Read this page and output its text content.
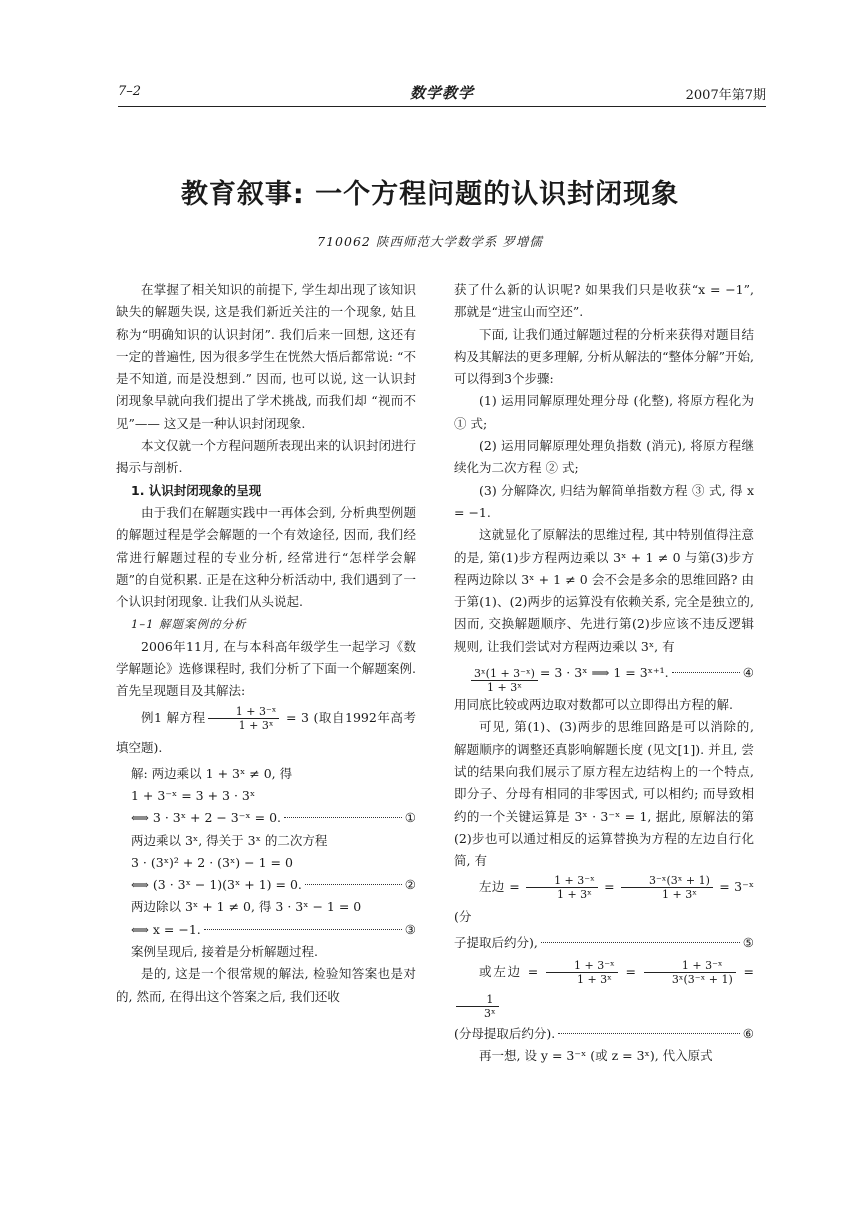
7–2	数学教学	2007年第7期
教育叙事: 一个方程问题的认识封闭现象
710062 陕西师范大学数学系 罗增儒

在掌握了相关知识的前提下, 学生却出现了该知识缺失的解题失误, 这是我们新近关注的一个现象, 姑且称为“明确知识的认识封闭”. 我们后来一回想, 这还有一定的普遍性, 因为很多学生在恍然大悟后都常说: “不是不知道, 而是没想到.” 因而, 也可以说, 这一认识封闭现象早就向我们提出了学术挑战, 而我们却 “视而不见”—— 这又是一种认识封闭现象.

本文仅就一个方程问题所表现出来的认识封闭进行揭示与剖析.

1. 认识封闭现象的呈现

由于我们在解题实践中一再体会到, 分析典型例题的解题过程是学会解题的一个有效途径, 因而, 我们经常进行解题过程的专业分析, 经常进行“怎样学会解题”的自觉积累. 正是在这种分析活动中, 我们遇到了一个认识封闭现象. 让我们从头说起.

1–1 解题案例的分析

2006年11月, 在与本科高年级学生一起学习《数学解题论》选修课程时, 我们分析了下面一个解题案例. 首先呈现题目及其解法:

例1 解方程 $\frac{\text{1 + 3⁻ˣ}}{\text{1 + 3ˣ}} = 3$ (取自1992年高考填空题).

解: 两边乘以 1 + 3ˣ ≠ 0, 得

1 + 3⁻ˣ = 3 + 3 · 3ˣ

⟺ 3 · 3ˣ + 2 − 3⁻ˣ = 0.	①

两边乘以 3ˣ, 得关于 3ˣ 的二次方程

3 · (3ˣ)² + 2 · (3ˣ) − 1 = 0

⟺ (3 · 3ˣ − 1)(3ˣ + 1) = 0.	②

两边除以 3ˣ + 1 ≠ 0, 得 3 · 3ˣ − 1 = 0

⟺ x = −1.	③

案例呈现后, 接着是分析解题过程.

是的, 这是一个很常规的解法, 检验知答案也是对的, 然而, 在得出这个答案之后, 我们还收

获了什么新的认识呢? 如果我们只是收获“x = −1”, 那就是“进宝山而空还”.

下面, 让我们通过解题过程的分析来获得对题目结构及其解法的更多理解, 分析从解法的“整体分解”开始, 可以得到3个步骤:

(1) 运用同解原理处理分母 (化整), 将原方程化为 ① 式;

(2) 运用同解原理处理负指数 (消元), 将原方程继续化为二次方程 ② 式;

(3) 分解降次, 归结为解简单指数方程 ③ 式, 得 x = −1.

这就显化了原解法的思维过程, 其中特别值得注意的是, 第(1)步方程两边乘以 3ˣ + 1 ≠ 0 与第(3)步方程两边除以 3ˣ + 1 ≠ 0 会不会是多余的思维回路? 由于第(1)、(2)两步的运算没有依赖关系, 完全是独立的, 因而, 交换解题顺序、先进行第(2)步应该不违反逻辑规则, 让我们尝试对方程两边乘以 3ˣ, 有

$\frac{\text{3ˣ(1 + 3⁻ˣ)}}{\text{1 + 3ˣ}} = 3$ · 3ˣ ⟹ 1 = 3ˣ⁺¹.	④

用同底比较或两边取对数都可以立即得出方程的解.

可见, 第(1)、(3)两步的思维回路是可以消除的, 解题顺序的调整还真影响解题长度 (见文[1]). 并且, 尝试的结果向我们展示了原方程左边结构上的一个特点, 即分子、分母有相同的非零因式, 可以相约; 而导致相约的一个关键运算是 3ˣ · 3⁻ˣ = 1, 据此, 原解法的第(2)步也可以通过相反的运算替换为方程的左边自行化简, 有

左边 = $\frac{\text{1 + 3⁻ˣ}}{\text{1 + 3ˣ}} = \frac{\text{3⁻ˣ(3ˣ + 1)}}{\text{1 + 3ˣ}}$ = 3⁻ˣ (分

子提取后约分),	⑤

或左边 = $\frac{\text{1 + 3⁻ˣ}}{\text{1 + 3ˣ}} = \frac{\text{1 + 3⁻ˣ}}{\text{3ˣ(3⁻ˣ + 1)}}$ =
$\frac{1}{\text{3ˣ}}$

(分母提取后约分).	⑥

再一想, 设 y = 3⁻ˣ (或 z = 3ˣ), 代入原式
